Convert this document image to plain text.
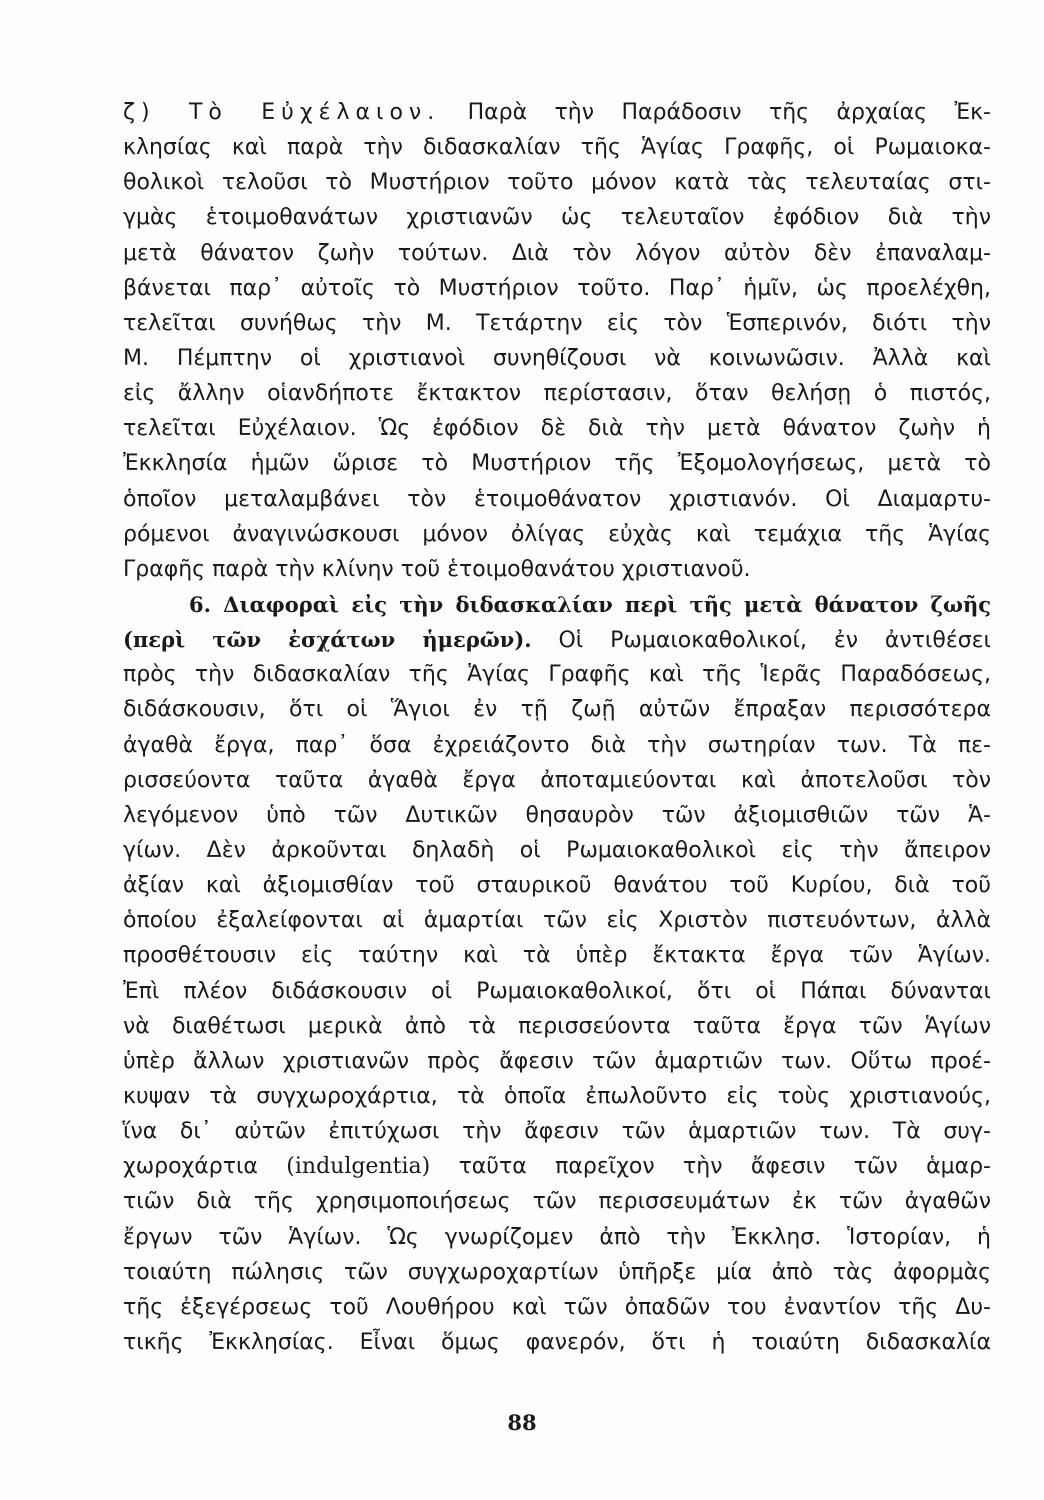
ζ) Τὸ Εὐχέλαιον. Παρὰ τὴν Παράδοσιν τῆς ἀρχαίας Ἐκ-
κλησίας καὶ παρὰ τὴν διδασκαλίαν τῆς Ἁγίας Γραφῆς, οἱ Ρωμαιοκα-
θολικοὶ τελοῦσι τὸ Μυστήριον τοῦτο μόνον κατὰ τὰς τελευταίας στι-
γμὰς ἑτοιμοθανάτων χριστιανῶν ὡς τελευταῖον ἐφόδιον διὰ τὴν
μετὰ θάνατον ζωὴν τούτων. Διὰ τὸν λόγον αὐτὸν δὲν ἐπαναλαμ-
βάνεται παρ᾽ αὐτοῖς τὸ Μυστήριον τοῦτο. Παρ᾽ ἡμῖν, ὡς προελέχθη,
τελεῖται συνήθως τὴν Μ. Τετάρτην εἰς τὸν Ἑσπερινόν, διότι τὴν
Μ. Πέμπτην οἱ χριστιανοὶ συνηθίζουσι νὰ κοινωνῶσιν. Ἀλλὰ καὶ
εἰς ἄλλην οἱανδήποτε ἔκτακτον περίστασιν, ὅταν θελήσῃ ὁ πιστός,
τελεῖται Εὐχέλαιον. Ὡς ἐφόδιον δὲ διὰ τὴν μετὰ θάνατον ζωὴν ἡ
Ἐκκλησία ἡμῶν ὥρισε τὸ Μυστήριον τῆς Ἐξομολογήσεως, μετὰ τὸ
ὁποῖον μεταλαμβάνει τὸν ἑτοιμοθάνατον χριστιανόν. Οἱ Διαμαρτυ-
ρόμενοι ἀναγινώσκουσι μόνον ὀλίγας εὐχὰς καὶ τεμάχια τῆς Ἁγίας
Γραφῆς παρὰ τὴν κλίνην τοῦ ἑτοιμοθανάτου χριστιανοῦ.
6. Διαφοραὶ εἰς τὴν διδασκαλίαν περὶ τῆς μετὰ θάνατον ζωῆς
(περὶ τῶν ἐσχάτων ἡμερῶν). Οἱ Ρωμαιοκαθολικοί, ἐν ἀντιθέσει
πρὸς τὴν διδασκαλίαν τῆς Ἁγίας Γραφῆς καὶ τῆς Ἱερᾶς Παραδόσεως,
διδάσκουσιν, ὅτι οἱ Ἅγιοι ἐν τῇ ζωῇ αὐτῶν ἔπραξαν περισσότερα
ἀγαθὰ ἔργα, παρ᾽ ὅσα ἐχρειάζοντο διὰ τὴν σωτηρίαν των. Τὰ πε-
ρισσεύοντα ταῦτα ἀγαθὰ ἔργα ἀποταμιεύονται καὶ ἀποτελοῦσι τὸν
λεγόμενον ὑπὸ τῶν Δυτικῶν θησαυρὸν τῶν ἀξιομισθιῶν τῶν Ἁ-
γίων. Δὲν ἀρκοῦνται δηλαδὴ οἱ Ρωμαιοκαθολικοὶ εἰς τὴν ἄπειρον
ἀξίαν καὶ ἀξιομισθίαν τοῦ σταυρικοῦ θανάτου τοῦ Κυρίου, διὰ τοῦ
ὁποίου ἐξαλείφονται αἱ ἁμαρτίαι τῶν εἰς Χριστὸν πιστευόντων, ἀλλὰ
προσθέτουσιν εἰς ταύτην καὶ τὰ ὑπὲρ ἔκτακτα ἔργα τῶν Ἁγίων.
Ἐπὶ πλέον διδάσκουσιν οἱ Ρωμαιοκαθολικοί, ὅτι οἱ Πάπαι δύνανται
νὰ διαθέτωσι μερικὰ ἀπὸ τὰ περισσεύοντα ταῦτα ἔργα τῶν Ἁγίων
ὑπὲρ ἄλλων χριστιανῶν πρὸς ἄφεσιν τῶν ἁμαρτιῶν των. Οὕτω προέ-
κυψαν τὰ συγχωροχάρτια, τὰ ὁποῖα ἐπωλοῦντο εἰς τοὺς χριστιανούς,
ἵνα δι᾽ αὐτῶν ἐπιτύχωσι τὴν ἄφεσιν τῶν ἁμαρτιῶν των. Τὰ συγ-
χωροχάρτια (indulgentia) ταῦτα παρεῖχον τὴν ἄφεσιν τῶν ἁμαρ-
τιῶν διὰ τῆς χρησιμοποιήσεως τῶν περισσευμάτων ἐκ τῶν ἀγαθῶν
ἔργων τῶν Ἁγίων. Ὡς γνωρίζομεν ἀπὸ τὴν Ἐκκλησ. Ἱστορίαν, ἡ
τοιαύτη πώλησις τῶν συγχωροχαρτίων ὑπῆρξε μία ἀπὸ τὰς ἀφορμὰς
τῆς ἐξεγέρσεως τοῦ Λουθήρου καὶ τῶν ὀπαδῶν του ἐναντίον τῆς Δυ-
τικῆς Ἐκκλησίας. Εἶναι ὅμως φανερόν, ὅτι ἡ τοιαύτη διδασκαλία
88
